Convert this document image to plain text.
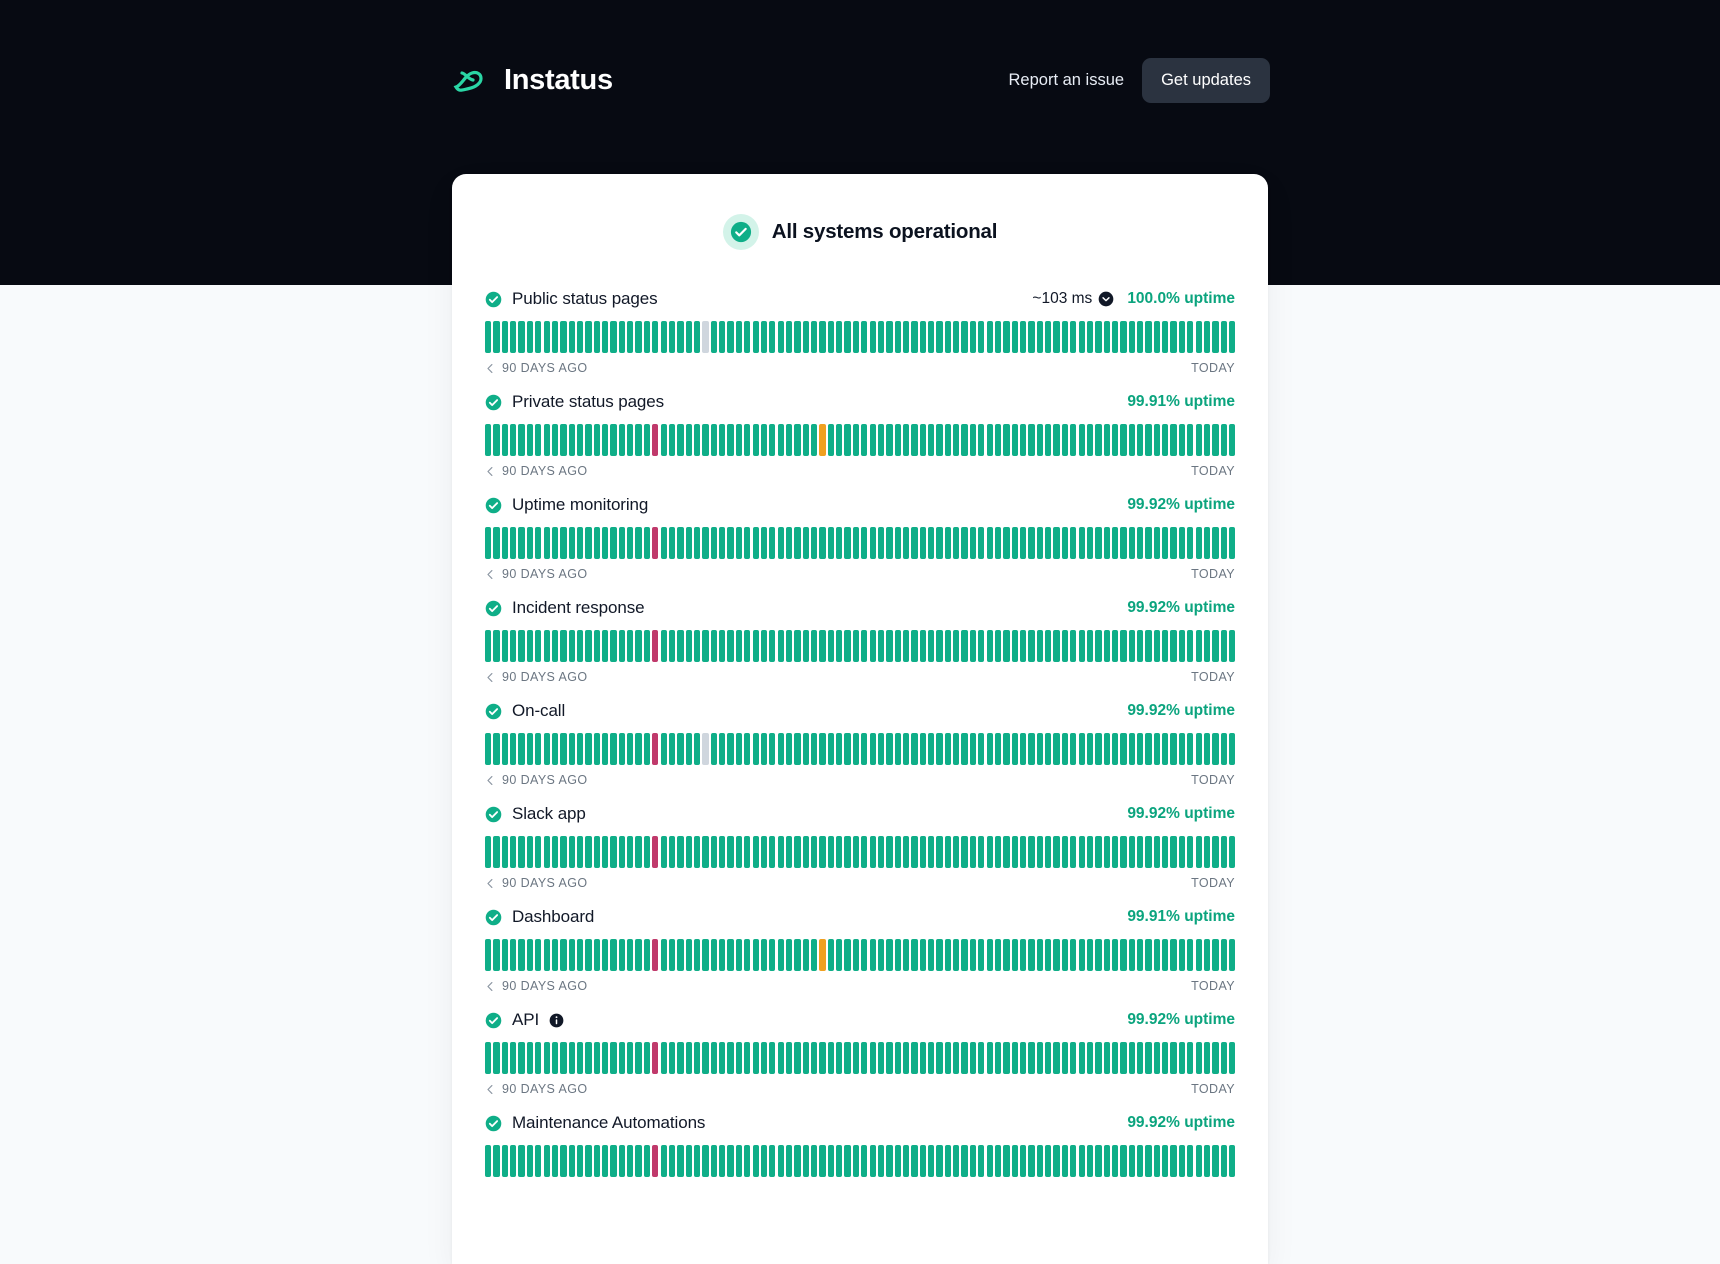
Instatus	Report an issue	Get updates
All systems operational
Public status pages	~103 ms 100.0% uptime
90 DAYS AGO	TODAY
Private status pages	99.91% uptime
90 DAYS AGO	TODAY
Uptime monitoring	99.92% uptime
90 DAYS AGO	TODAY
Incident response	99.92% uptime
90 DAYS AGO	TODAY
On-call	99.92% uptime
90 DAYS AGO	TODAY
Slack app	99.92% uptime
90 DAYS AGO	TODAY
Dashboard	99.91% uptime
90 DAYS AGO	TODAY
API	99.92% uptime
90 DAYS AGO	TODAY
Maintenance Automations	99.92% uptime
